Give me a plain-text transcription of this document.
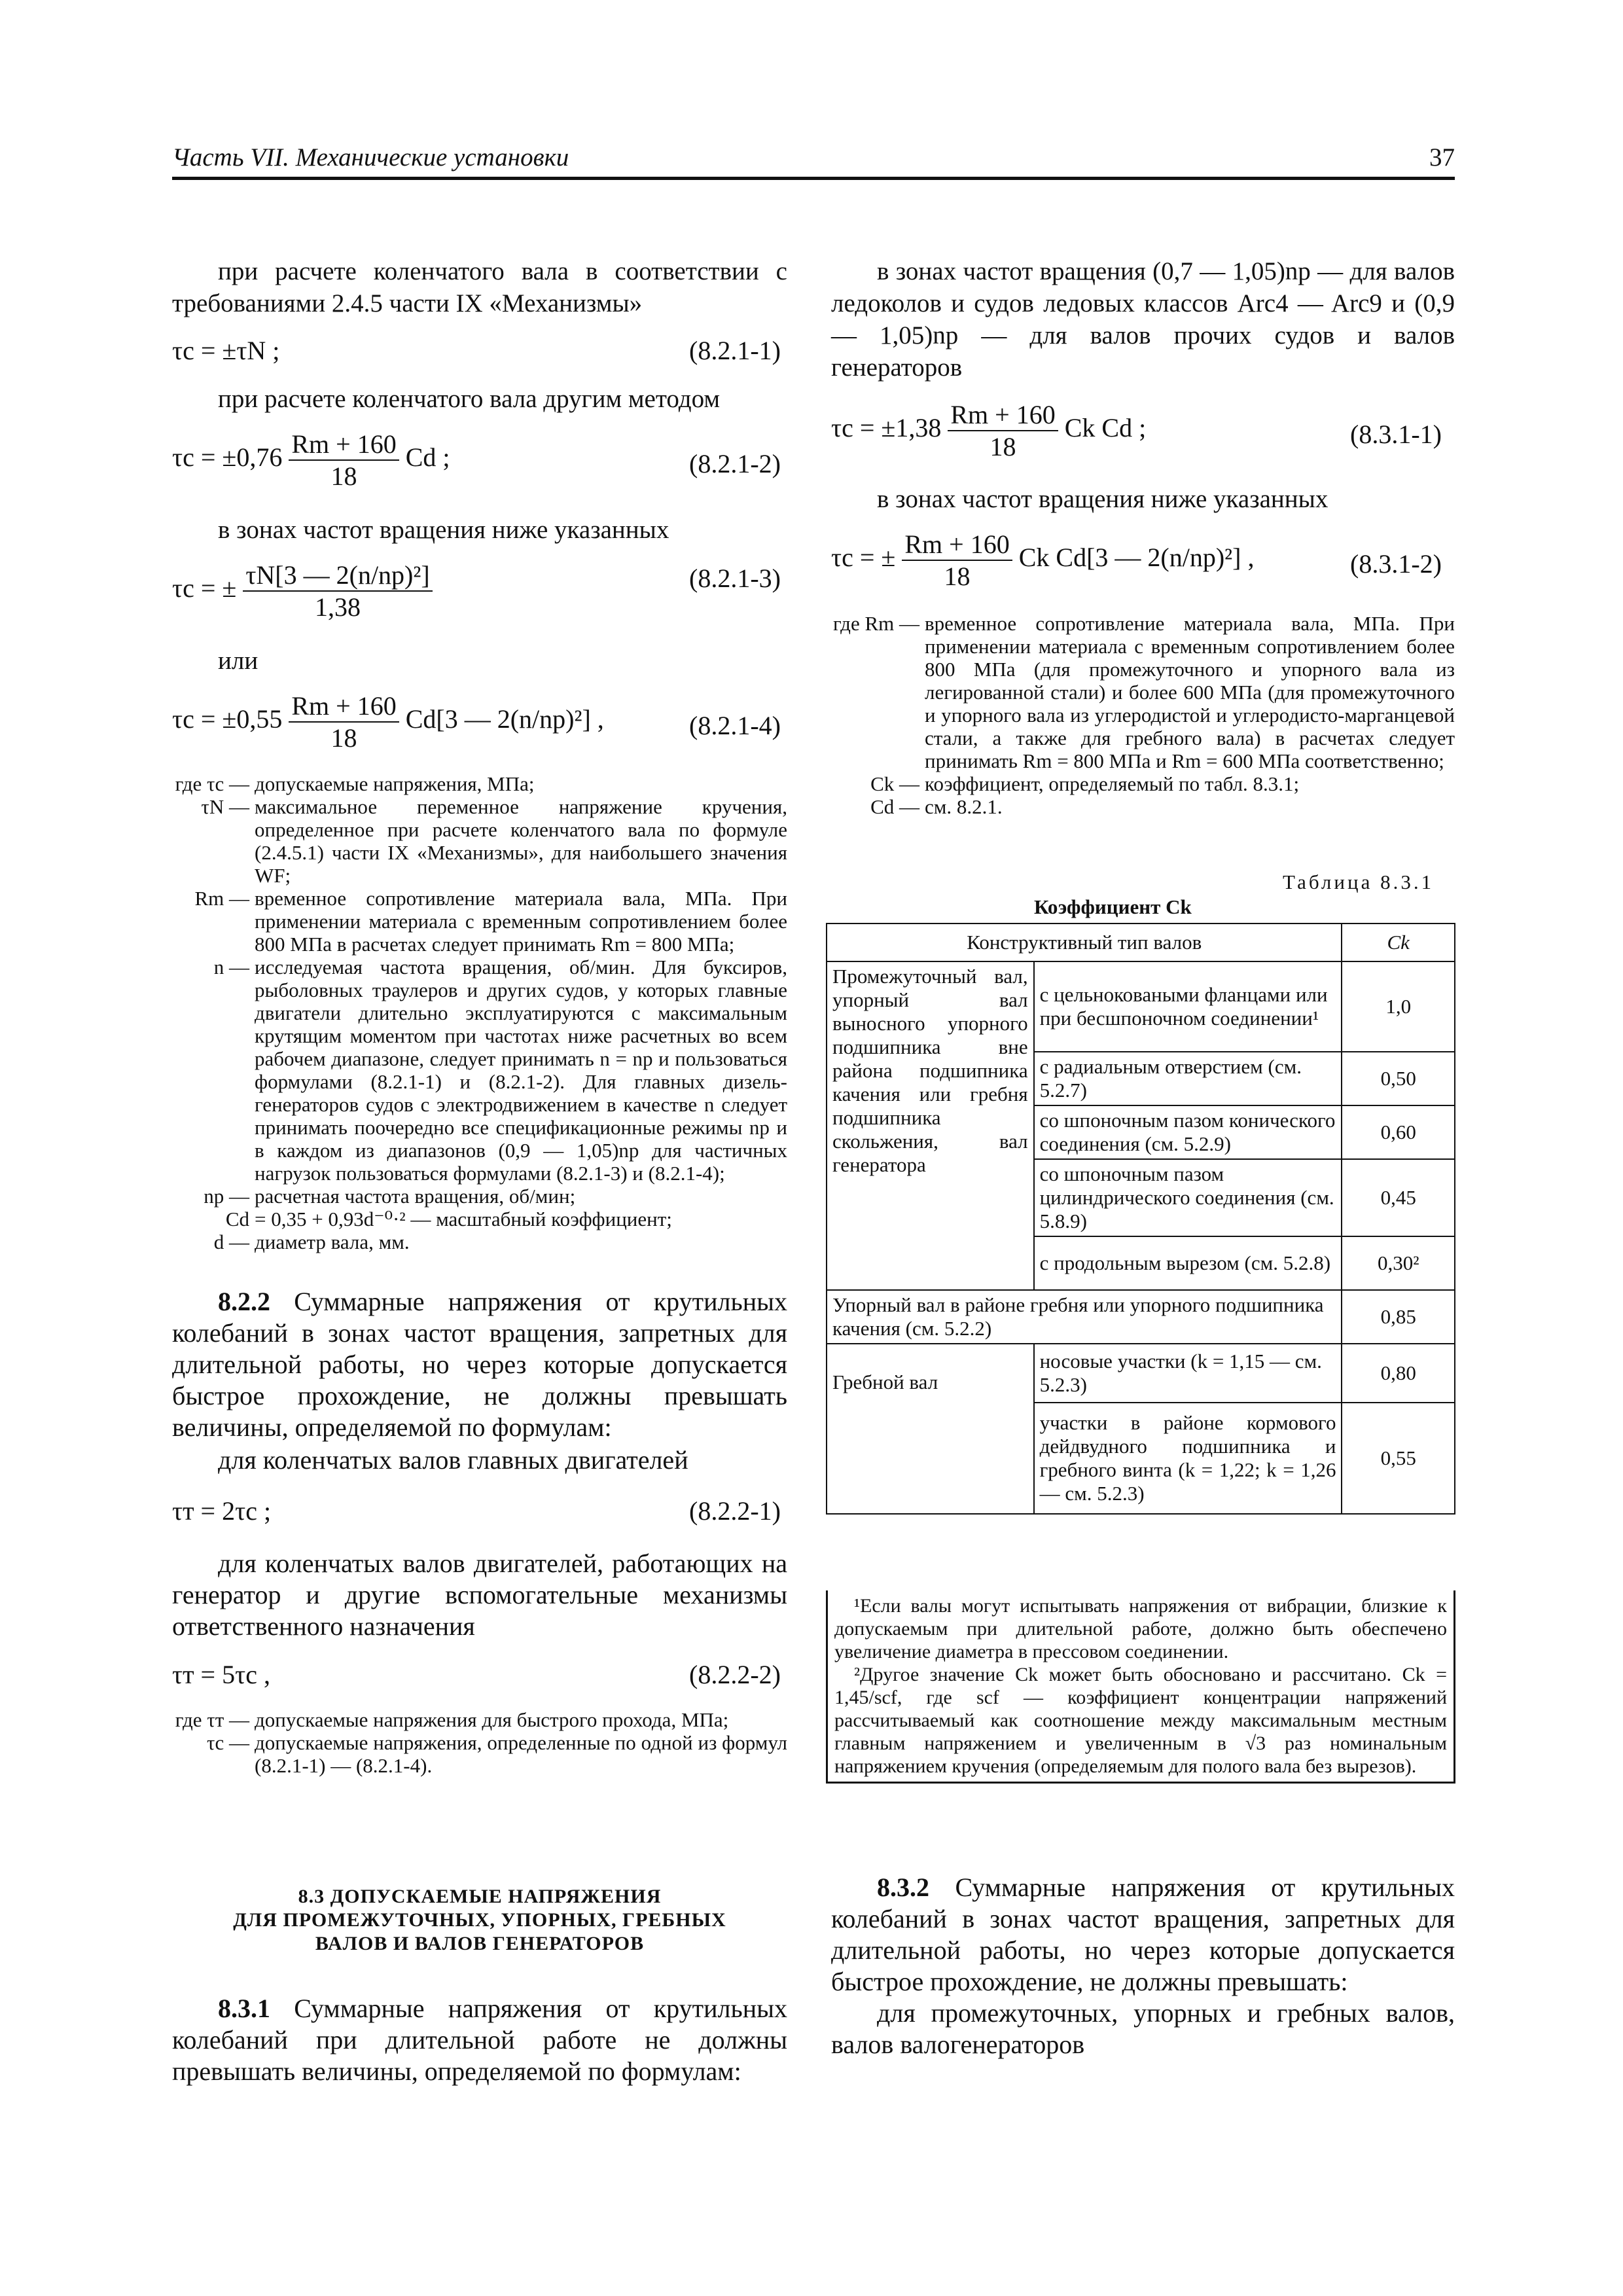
Часть VII. Механические установки	37
при расчете коленчатого вала в соответствии с требованиями 2.4.5 части IX «Механизмы»
τc = ±τN ;	(8.2.1-1)
при расчете коленчатого вала другим методом
$\tau c = \pm 0,76 \frac{Rm + 160}{18}$ Cd ;	(8.2.1-2)
в зонах частот вращения ниже указанных
τc = ± $\frac{\text{τN[3 — 2(n/nр)²]}}{1,38}$	(8.2.1-3)
или
$\tau c = \pm 0,55 \frac{Rm + 160}{18} Cd[3$ — 2(n/nр)²] ,	(8.2.1-4)
где τc — допускаемые напряжения, МПа;
τN — максимальное переменное напряжение кручения, определенное при расчете коленчатого вала по формуле (2.4.5.1) части IX «Механизмы», для наибольшего значения WF;
Rm — временное сопротивление материала вала, МПа. При применении материала с временным сопротивлением более 800 МПа в расчетах следует принимать Rm = 800 МПа;
n — исследуемая частота вращения, об/мин. Для буксиров, рыболовных траулеров и других судов, у которых главные двигатели длительно эксплуатируются с максимальным крутящим моментом при частотах ниже расчетных во всем рабочем диапазоне, следует принимать n = nр и пользоваться формулами (8.2.1-1) и (8.2.1-2). Для главных дизель-генераторов судов с электродвижением в качестве n следует принимать поочередно все спецификационные режимы nр и в каждом из диапазонов (0,9 — 1,05)nр для частичных нагрузок пользоваться формулами (8.2.1-3) и (8.2.1-4);
nр — расчетная частота вращения, об/мин;
Cd = 0,35 + 0,93d⁻⁰·² — масштабный коэффициент;
d — диаметр вала, мм.
8.2.2 Суммарные напряжения от крутильных колебаний в зонах частот вращения, запретных для длительной работы, но через которые допускается быстрое прохождение, не должны превышать величины, определяемой по формулам:
для коленчатых валов главных двигателей
τт = 2τc ;	(8.2.2-1)
для коленчатых валов двигателей, работающих на генератор и другие вспомогательные механизмы ответственного назначения
τт = 5τc ,	(8.2.2-2)
где τт — допускаемые напряжения для быстрого прохода, МПа;
τc — допускаемые напряжения, определенные по одной из формул (8.2.1-1) — (8.2.1-4).
8.3 ДОПУСКАЕМЫЕ НАПРЯЖЕНИЯ
ДЛЯ ПРОМЕЖУТОЧНЫХ, УПОРНЫХ, ГРЕБНЫХ
ВАЛОВ И ВАЛОВ ГЕНЕРАТОРОВ
8.3.1 Суммарные напряжения от крутильных колебаний при длительной работе не должны превышать величины, определяемой по формулам:
в зонах частот вращения (0,7 — 1,05)nр — для валов ледоколов и судов ледовых классов Arc4 — Arc9 и (0,9 — 1,05)nр — для валов прочих судов и валов генераторов
$\tau c = \pm 1,38 \frac{Rm + 160}{18}$ Ck Cd ;	(8.3.1-1)
в зонах частот вращения ниже указанных
τc = ± $\frac{Rm + 160}{18}$ Ck Cd[3 — 2(n/nр)²] ,	(8.3.1-2)
где Rm — временное сопротивление материала вала, МПа. При применении материала с временным сопротивлением более 800 МПа (для промежуточного и упорного вала из легированной стали) и более 600 МПа (для промежуточного и упорного вала из углеродистой и углеродисто-марганцевой стали, а также для гребного вала) в расчетах следует принимать Rm = 800 МПа и Rm = 600 МПа соответственно;
Ck — коэффициент, определяемый по табл. 8.3.1;
Cd — см. 8.2.1.
Таблица 8.3.1
Коэффициент Ck
Конструктивный тип валов		Ck
Промежуточный вал, упорный вал выносного упорного подшипника вне района подшипника качения или гребня подшипника скольжения, вал генератора	с цельноковаными фланцами или при бесшпоночном соединении¹	1,0
	с радиальным отверстием (см. 5.2.7)	0,50
	со шпоночным пазом конического соединения (см. 5.2.9)	0,60
	со шпоночным пазом цилиндрического соединения (см. 5.8.9)	0,45
	с продольным вырезом (см. 5.2.8)	0,30²
Упорный вал в районе гребня или упорного подшипника качения (см. 5.2.2)		0,85
Гребной вал	носовые участки (k = 1,15 — см. 5.2.3)	0,80
	участки в районе кормового дейдвудного подшипника и гребного винта (k = 1,22; k = 1,26 — см. 5.2.3)	0,55
¹Если валы могут испытывать напряжения от вибрации, близкие к допускаемым при длительной работе, должно быть обеспечено увеличение диаметра в прессовом соединении.
²Другое значение Ck может быть обосновано и рассчитано. Ck = 1,45/scf, где scf — коэффициент концентрации напряжений рассчитываемый как соотношение между максимальным местным главным напряжением и увеличенным в √3 раз номинальным напряжением кручения (определяемым для полого вала без вырезов).
8.3.2 Суммарные напряжения от крутильных колебаний в зонах частот вращения, запретных для длительной работы, но через которые допускается быстрое прохождение, не должны превышать:
для промежуточных, упорных и гребных валов, валов валогенераторов
